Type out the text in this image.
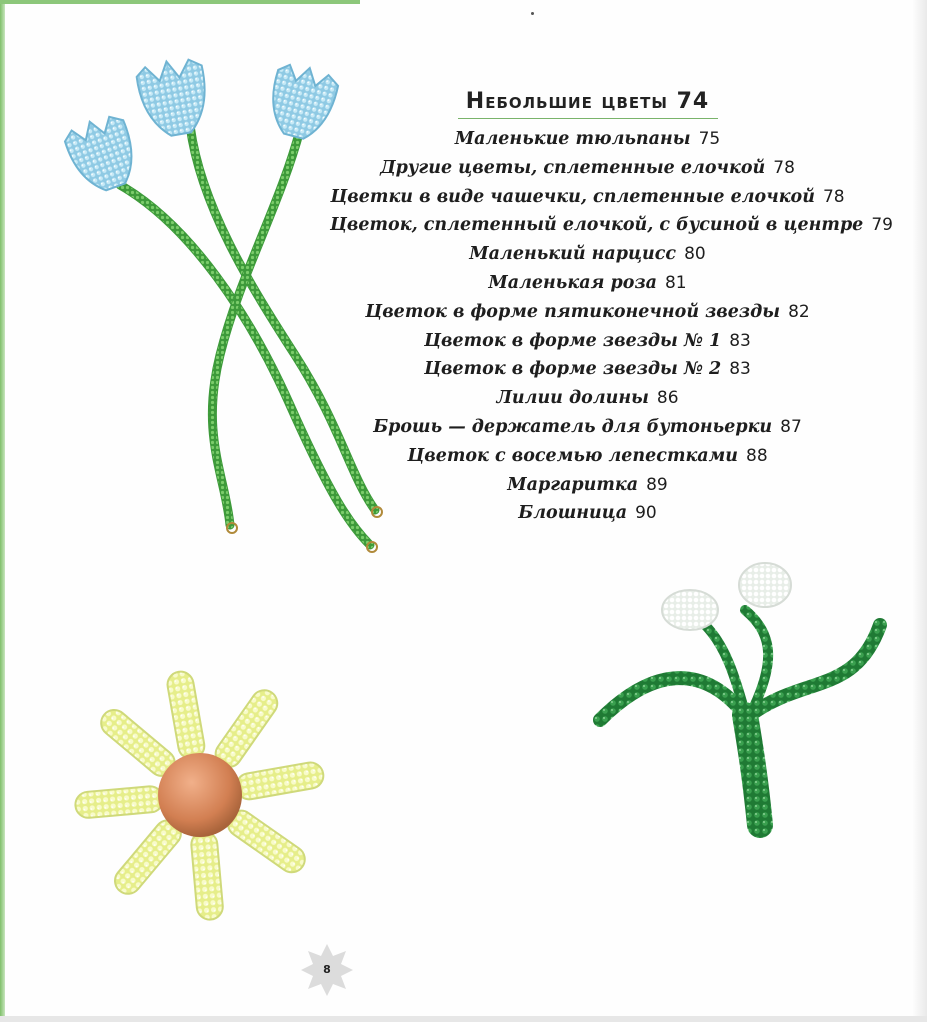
Небольшие цветы 74
Маленькие тюльпаны 75
Другие цветы, сплетенные елочкой 78
Цветки в виде чашечки, сплетенные елочкой 78
Цветок, сплетенный елочкой, с бусиной в центре 79
Маленький нарцисс 80
Маленькая роза 81
Цветок в форме пятиконечной звезды 82
Цветок в форме звезды № 1 83
Цветок в форме звезды № 2 83
Лилии долины 86
Брошь — держатель для бутоньерки 87
Цветок с восемью лепестками 88
Маргаритка 89
Блошница 90
8
